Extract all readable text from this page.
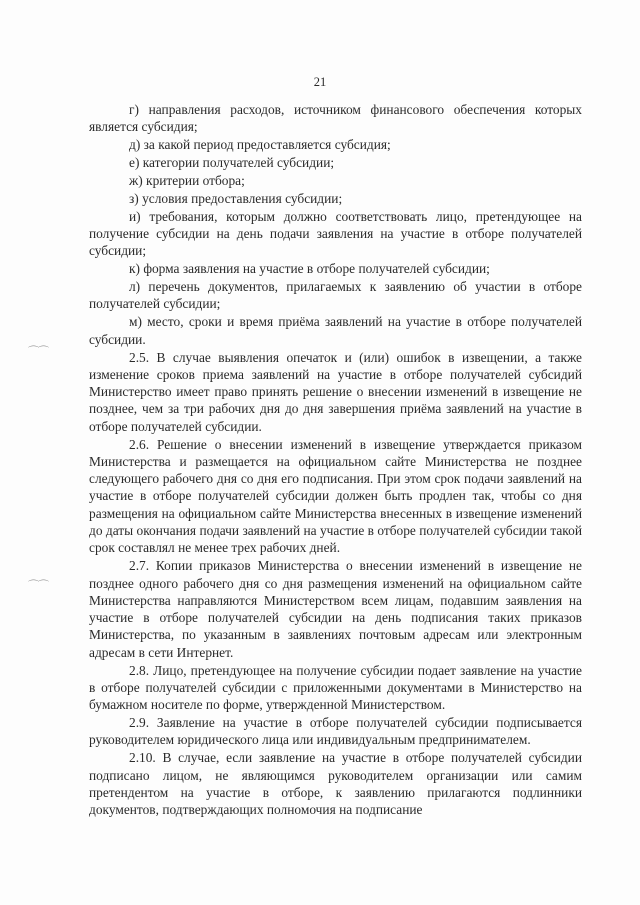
21
⌒⌒
⌒⌒

г) направления расходов, источником финансового обеспечения которых является субсидия;

д) за какой период предоставляется субсидия;

е) категории получателей субсидии;

ж) критерии отбора;

з) условия предоставления субсидии;

и) требования, которым должно соответствовать лицо, претендующее на получение субсидии на день подачи заявления на участие в отборе получателей субсидии;

к) форма заявления на участие в отборе получателей субсидии;

л) перечень документов, прилагаемых к заявлению об участии в отборе получателей субсидии;

м) место, сроки и время приёма заявлений на участие в отборе получателей субсидии.

2.5. В случае выявления опечаток и (или) ошибок в извещении, а также изменение сроков приема заявлений на участие в отборе получателей субсидий Министерство имеет право принять решение о внесении изменений в извещение не позднее, чем за три рабочих дня до дня завершения приёма заявлений на участие в отборе получателей субсидии.

2.6. Решение о внесении изменений в извещение утверждается приказом Министерства и размещается на официальном сайте Министерства не позднее следующего рабочего дня со дня его подписания. При этом срок подачи заявлений на участие в отборе получателей субсидии должен быть продлен так, чтобы со дня размещения на официальном сайте Министерства внесенных в извещение изменений до даты окончания подачи заявлений на участие в отборе получателей субсидии такой срок составлял не менее трех рабочих дней.

2.7. Копии приказов Министерства о внесении изменений в извещение не позднее одного рабочего дня со дня размещения изменений на официальном сайте Министерства направляются Министерством всем лицам, подавшим заявления на участие в отборе получателей субсидии на день подписания таких приказов Министерства, по указанным в заявлениях почтовым адресам или электронным адресам в сети Интернет.

2.8. Лицо, претендующее на получение субсидии подает заявление на участие в отборе получателей субсидии с приложенными документами в Министерство на бумажном носителе по форме, утвержденной Министерством.

2.9. Заявление на участие в отборе получателей субсидии подписывается руководителем юридического лица или индивидуальным предпринимателем.

2.10. В случае, если заявление на участие в отборе получателей субсидии подписано лицом, не являющимся руководителем организации или самим претендентом на участие в отборе, к заявлению прилагаются подлинники документов, подтверждающих полномочия на подписание
